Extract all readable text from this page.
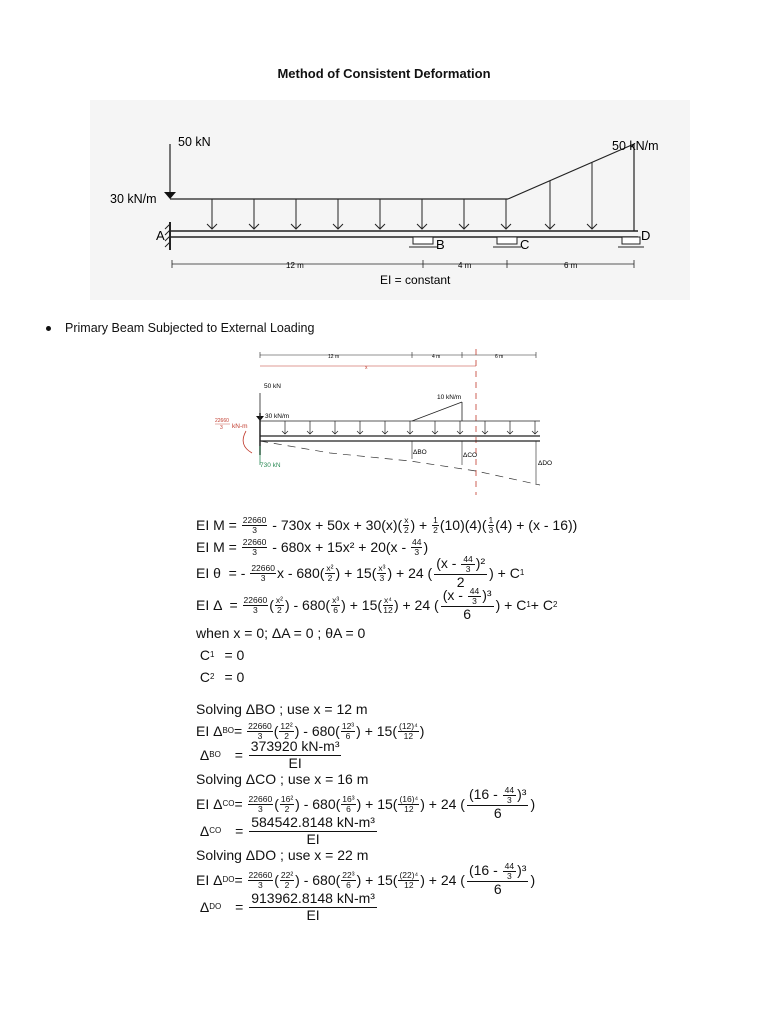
Method of Consistent Deformation
50 kN
30 kN/m
50 kN/m
A
B	C
D
12 m	4 m	6 m
EI = constant
Primary Beam Subjected to External Loading
12 m	4 m	6 m
x
50 kN
30 kN/m
10 kN/m
22660
3 kN-m
730 kN
ΔBO	ΔCO
ΔDO
EI $M = \frac{22660}{3} - 730x + 50x + 30(x)( \frac{x}{2}$ ) + $\frac{1}{2} (10)(4)( \frac{1}{3} (4) + (x - 16))$
EI $M = \frac{22660}{3} - 680x + 15x^2 + 20(x - \frac{44}{3}$ )
EI θ  = - $\frac{22660}{3}$ x - $680( \frac{\text{x²}}{2}$ ) + $15( \frac{\text{x³}}{3}$ ) + 24 (
$(x - \frac{44}{3} )^2$
2
) + C 1
EI $\Delta = \frac{22660}{3}$ ( $\frac{\text{x²}}{2}$ ) - $680( \frac{\text{x³}}{6}$ ) + $15( \frac{\text{x⁴}}{12}$ ) + 24 (
$(x - \frac{44}{3} )^3$
6
) + C 1 + C 2
when x = 0; ΔA = 0 ; θA = 0
C 1 = 0
C 2 = 0
Solving ΔBO ; use x = 12 m
EI Δ BO = $\frac{22660}{3}$ ( $\frac{\text{12²}}{2}$ ) - $680( \frac{\text{12³}}{6}$ ) + $15( \frac{\text{(12)⁴}}{12}$ )
Δ BO =
373920 kN-m³
EI
Solving ΔCO ; use x = 16 m
EI Δ CO = $\frac{22660}{3}$ ( $\frac{\text{16²}}{2}$ ) - $680( \frac{\text{16³}}{6}$ ) + $15( \frac{\text{(16)⁴}}{12}$ ) + 24 (
$(16 - \frac{44}{3} )^3$
6
)
Δ CO =
584542.8148 kN-m³
EI
Solving ΔDO ; use x = 22 m
EI Δ DO = $\frac{22660}{3}$ ( $\frac{\text{22²}}{2}$ ) - $680( \frac{\text{22³}}{6}$ ) + $15( \frac{\text{(22)⁴}}{12}$ ) + 24 (
$(16 - \frac{44}{3} )^3$
6
)
Δ DO =
913962.8148 kN-m³
EI
